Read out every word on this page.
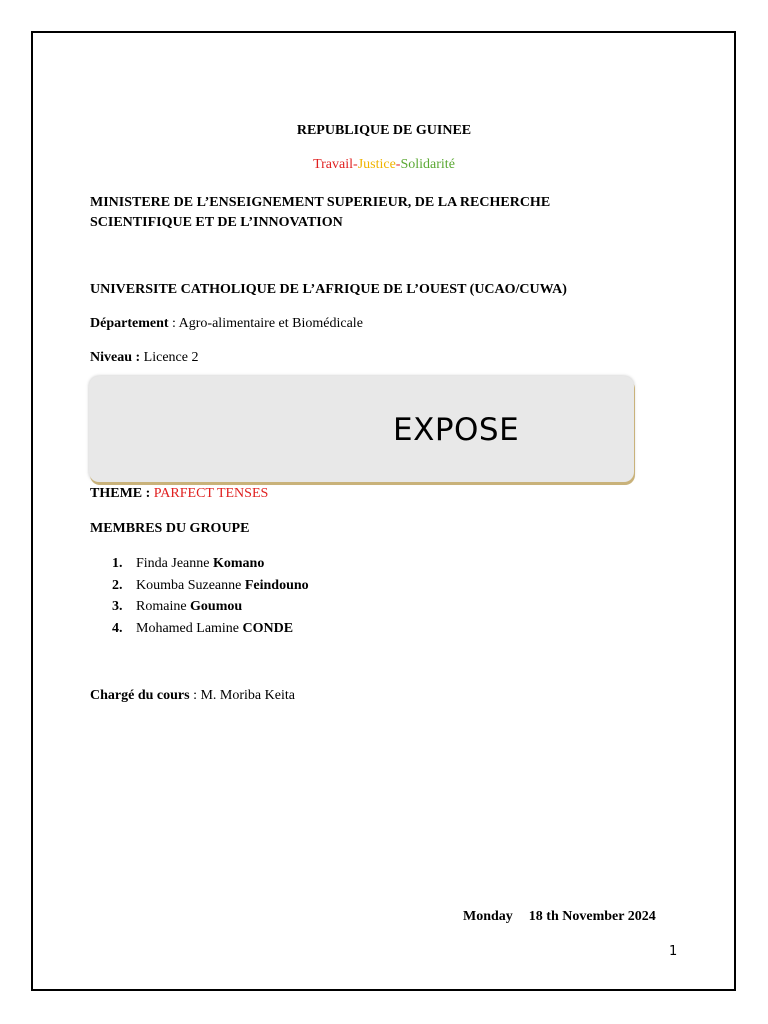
REPUBLIQUE DE GUINEE
Travail-Justice-Solidarité
MINISTERE DE L’ENSEIGNEMENT SUPERIEUR, DE LA RECHERCHE SCIENTIFIQUE ET DE L’INNOVATION
UNIVERSITE CATHOLIQUE DE L’AFRIQUE DE L’OUEST (UCAO/CUWA)
Département : Agro-alimentaire et Biomédicale
Niveau : Licence 2
EXPOSE
THEME : PARFECT TENSES
MEMBRES DU GROUPE
1. Finda Jeanne Komano
2. Koumba Suzeanne Feindouno
3. Romaine Goumou
4. Mohamed Lamine CONDE
Chargé du cours : M. Moriba Keita
Monday 18 th November 2024
1
